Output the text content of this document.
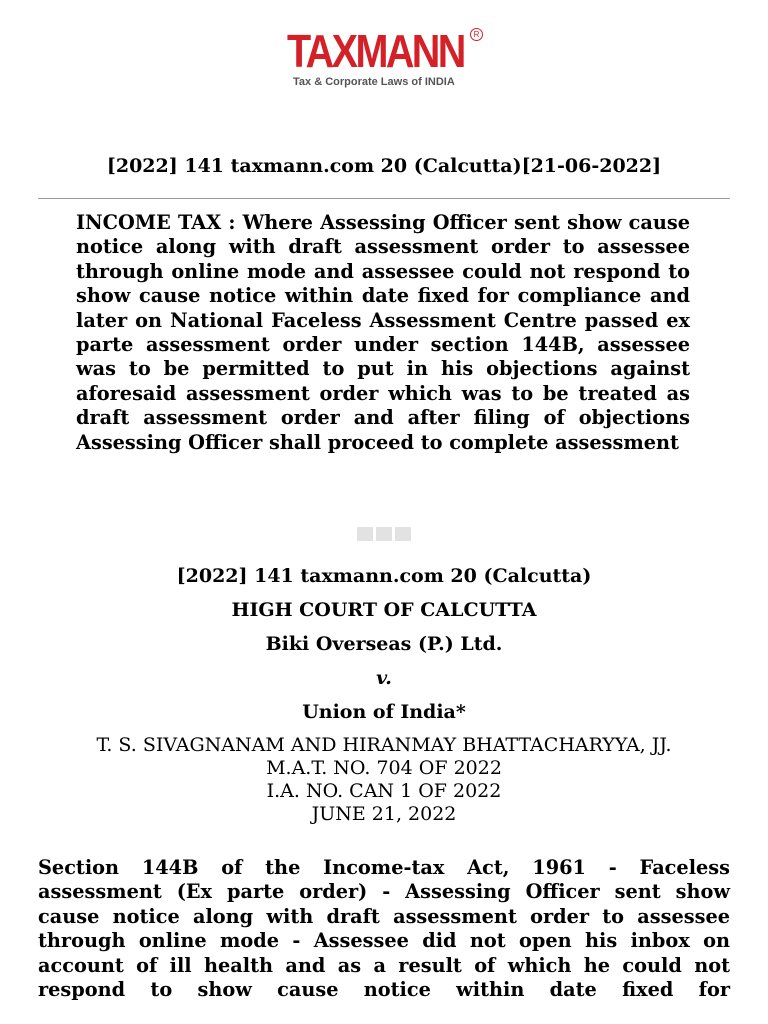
TAXMANN	R
Tax & Corporate Laws of INDIA
[2022] 141 taxmann.com 20 (Calcutta)[21-06-2022]

INCOME TAX : Where Assessing Officer sent show cause notice along with draft assessment order to assessee through online mode and assessee could not respond to show cause notice within date fixed for compliance and later on National Faceless Assessment Centre passed ex parte assessment order under section 144B, assessee was to be permitted to put in his objections against aforesaid assessment order which was to be treated as draft assessment order and after filing of objections Assessing Officer shall proceed to complete assessment

[2022] 141 taxmann.com 20 (Calcutta)
HIGH COURT OF CALCUTTA
Biki Overseas (P.) Ltd.
v.
Union of India*
T. S. SIVAGNANAM AND HIRANMAY BHATTACHARYYA, JJ.
M.A.T. NO. 704 OF 2022
I.A. NO. CAN 1 OF 2022
JUNE 21, 2022

Section 144B of the Income-tax Act, 1961 - Faceless assessment (Ex parte order) - Assessing Officer sent show cause notice along with draft assessment order to assessee through online mode - Assessee did not open his inbox on account of ill health and as a result of which he could not respond to show cause notice within date fixed for
